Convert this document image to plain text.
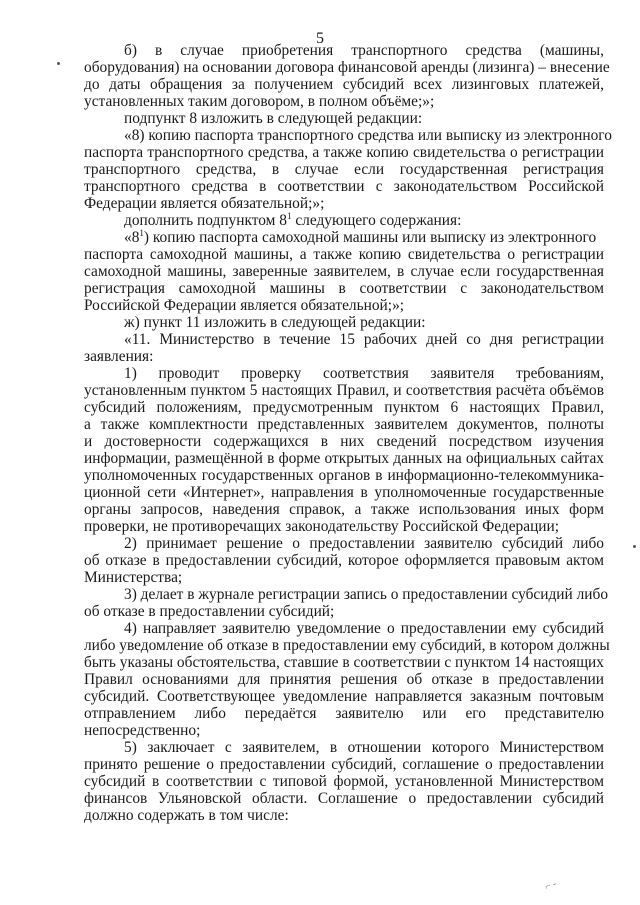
5
б) в случае приобретения транспортного средства (машины,
оборудования) на основании договора финансовой аренды (лизинга) – внесение
до даты обращения за получением субсидий всех лизинговых платежей,
установленных таким договором, в полном объёме;»;
подпункт 8 изложить в следующей редакции:
«8) копию паспорта транспортного средства или выписку из электронного
паспорта транспортного средства, а также копию свидетельства о регистрации
транспортного средства, в случае если государственная регистрация
транспортного средства в соответствии с законодательством Российской
Федерации является обязательной;»;
дополнить подпунктом $8^1$ следующего содержания:
«$8^1$) копию паспорта самоходной машины или выписку из электронного
паспорта самоходной машины, а также копию свидетельства о регистрации
самоходной машины, заверенные заявителем, в случае если государственная
регистрация самоходной машины в соответствии с законодательством
Российской Федерации является обязательной;»;
ж) пункт 11 изложить в следующей редакции:
«11. Министерство в течение 15 рабочих дней со дня регистрации
заявления:
1) проводит проверку соответствия заявителя требованиям,
установленным пунктом 5 настоящих Правил, и соответствия расчёта объёмов
субсидий положениям, предусмотренным пунктом 6 настоящих Правил,
а также комплектности представленных заявителем документов, полноты
и достоверности содержащихся в них сведений посредством изучения
информации, размещённой в форме открытых данных на официальных сайтах
уполномоченных государственных органов в информационно-телекоммуника-
ционной сети «Интернет», направления в уполномоченные государственные
органы запросов, наведения справок, а также использования иных форм
проверки, не противоречащих законодательству Российской Федерации;
2) принимает решение о предоставлении заявителю субсидий либо
об отказе в предоставлении субсидий, которое оформляется правовым актом
Министерства;
3) делает в журнале регистрации запись о предоставлении субсидий либо
об отказе в предоставлении субсидий;
4) направляет заявителю уведомление о предоставлении ему субсидий
либо уведомление об отказе в предоставлении ему субсидий, в котором должны
быть указаны обстоятельства, ставшие в соответствии с пунктом 14 настоящих
Правил основаниями для принятия решения об отказе в предоставлении
субсидий. Соответствующее уведомление направляется заказным почтовым
отправлением либо передаётся заявителю или его представителю
непосредственно;
5) заключает с заявителем, в отношении которого Министерством
принято решение о предоставлении субсидий, соглашение о предоставлении
субсидий в соответствии с типовой формой, установленной Министерством
финансов Ульяновской области. Соглашение о предоставлении субсидий
должно содержать в том числе:
⌐ -
